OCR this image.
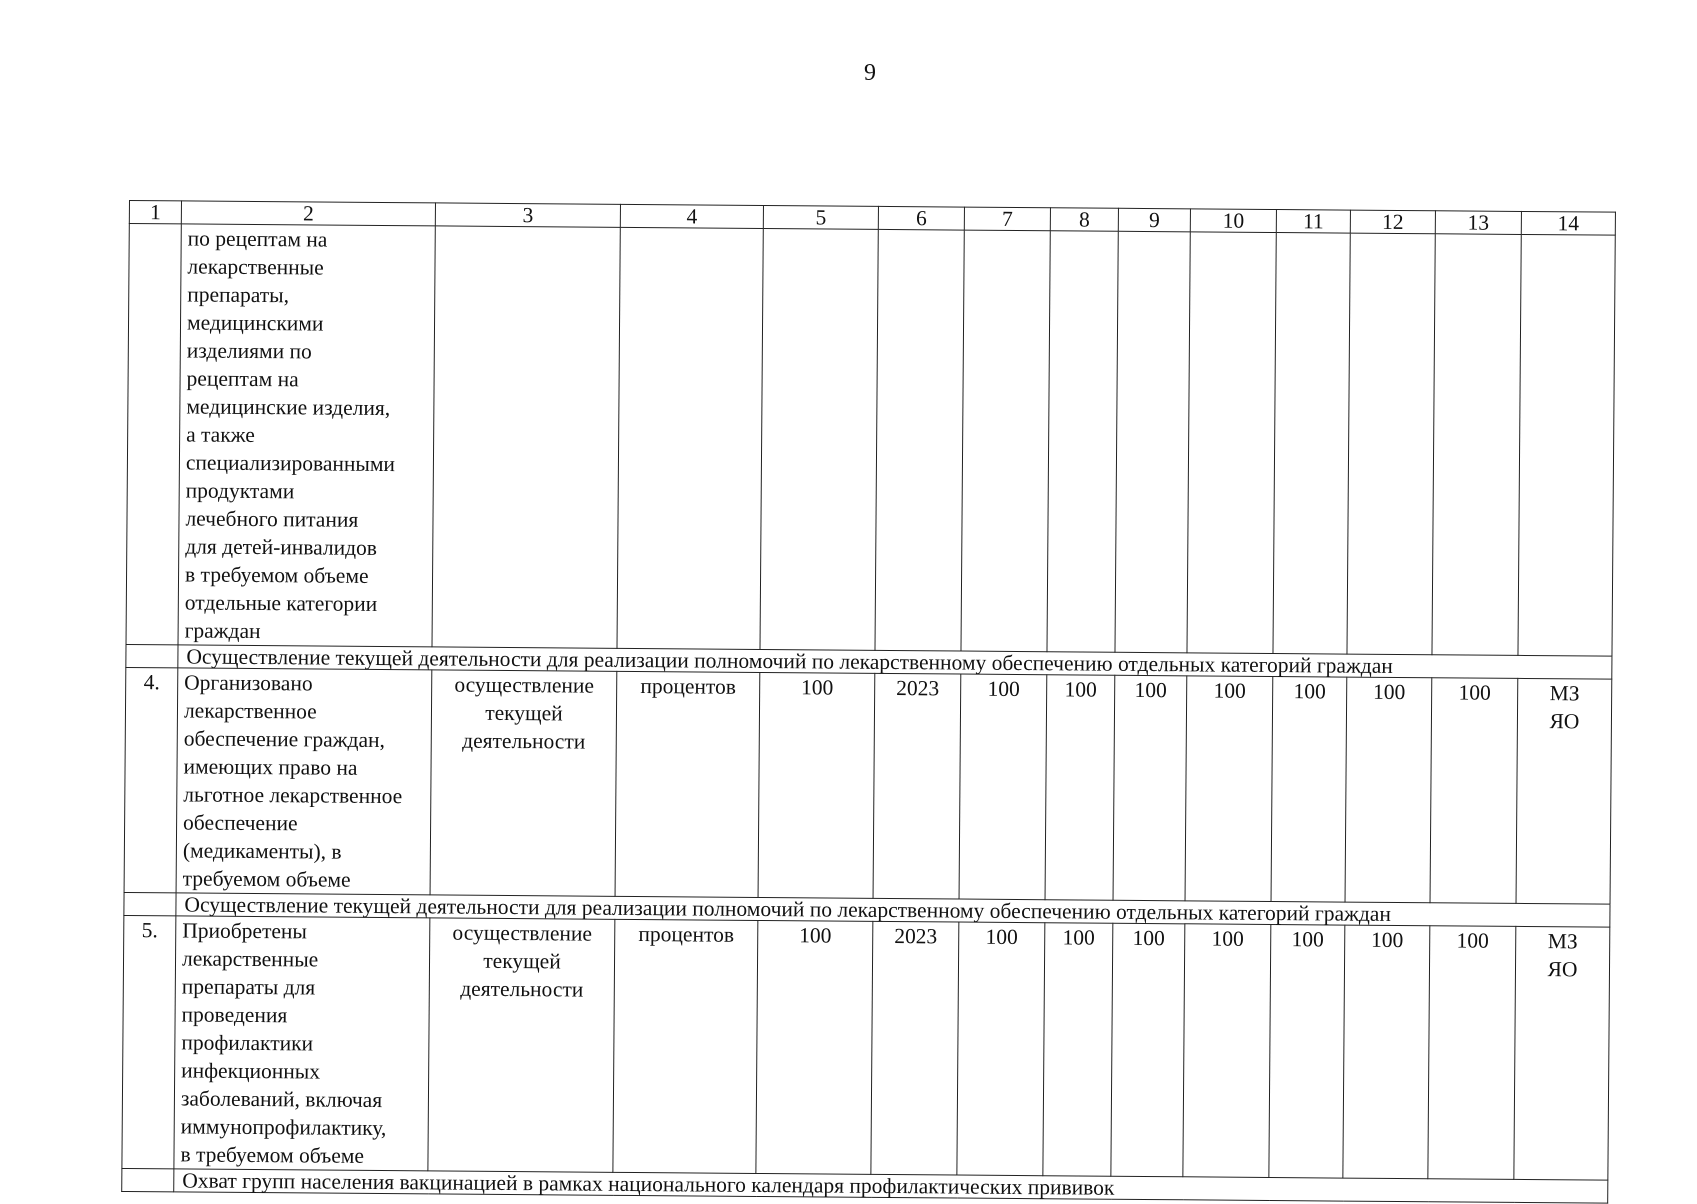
9
1	2	3	4	5	6	7	8	9	10	11	12	13	14

	по рецептам на лекарственные препараты, медицинскими изделиями по рецептам на медицинские изделия, а также специализированными продуктами лечебного питания для детей-инвалидов в требуемом объеме отдельные категории граждан												

	Осуществление текущей деятельности для реализации полномочий по лекарственному обеспечению отдельных категорий граждан												
4.	Организовано лекарственное обеспечение граждан, имеющих право на льготное лекарственное обеспечение (медикаменты), в требуемом объеме	осуществление текущей деятельности	процентов	100	2023	100	100	100	100	100	100	100	МЗ ЯО

	Осуществление текущей деятельности для реализации полномочий по лекарственному обеспечению отдельных категорий граждан												
5.	Приобретены лекарственные препараты для проведения профилактики инфекционных заболеваний, включая иммунопрофилактику, в требуемом объеме	осуществление текущей деятельности	процентов	100	2023	100	100	100	100	100	100	100	МЗ ЯО

	Охват групп населения вакцинацией в рамках национального календаря профилактических прививок												
